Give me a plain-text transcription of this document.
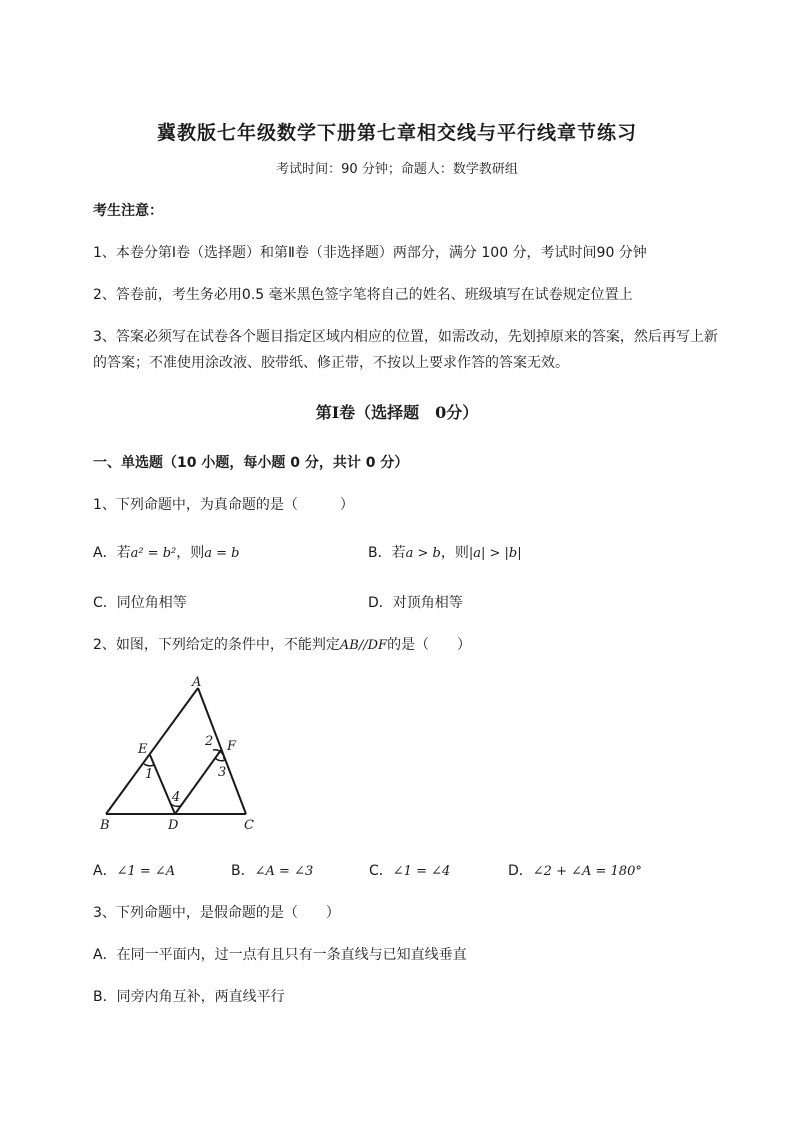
冀教版七年级数学下册第七章相交线与平行线章节练习
考试时间：90 分钟；命题人：数学教研组
考生注意：
1、本卷分第Ⅰ卷（选择题）和第Ⅱ卷（非选择题）两部分，满分 100 分，考试时间90 分钟
2、答卷前，考生务必用0.5 毫米黑色签字笔将自己的姓名、班级填写在试卷规定位置上
3、答案必须写在试卷各个题目指定区域内相应的位置，如需改动，先划掉原来的答案，然后再写上新
的答案；不准使用涂改液、胶带纸、修正带，不按以上要求作答的答案无效。
第Ⅰ卷（选择题　0分）
一、单选题（10 小题，每小题 0 分，共计 0 分）
1、下列命题中，为真命题的是（　　　）
A．若a² = b²，则a = b	B．若a > b，则|a| > |b|
C．同位角相等	D．对顶角相等
2、如图，下列给定的条件中，不能判定AB//DF的是（　　）
A
B	C
D
E	F
1
2
3
4
A．∠1 = ∠A	B．∠A = ∠3	C．∠1 = ∠4	D．∠2 + ∠A = 180°
3、下列命题中，是假命题的是（　　）
A．在同一平面内，过一点有且只有一条直线与已知直线垂直
B．同旁内角互补，两直线平行
